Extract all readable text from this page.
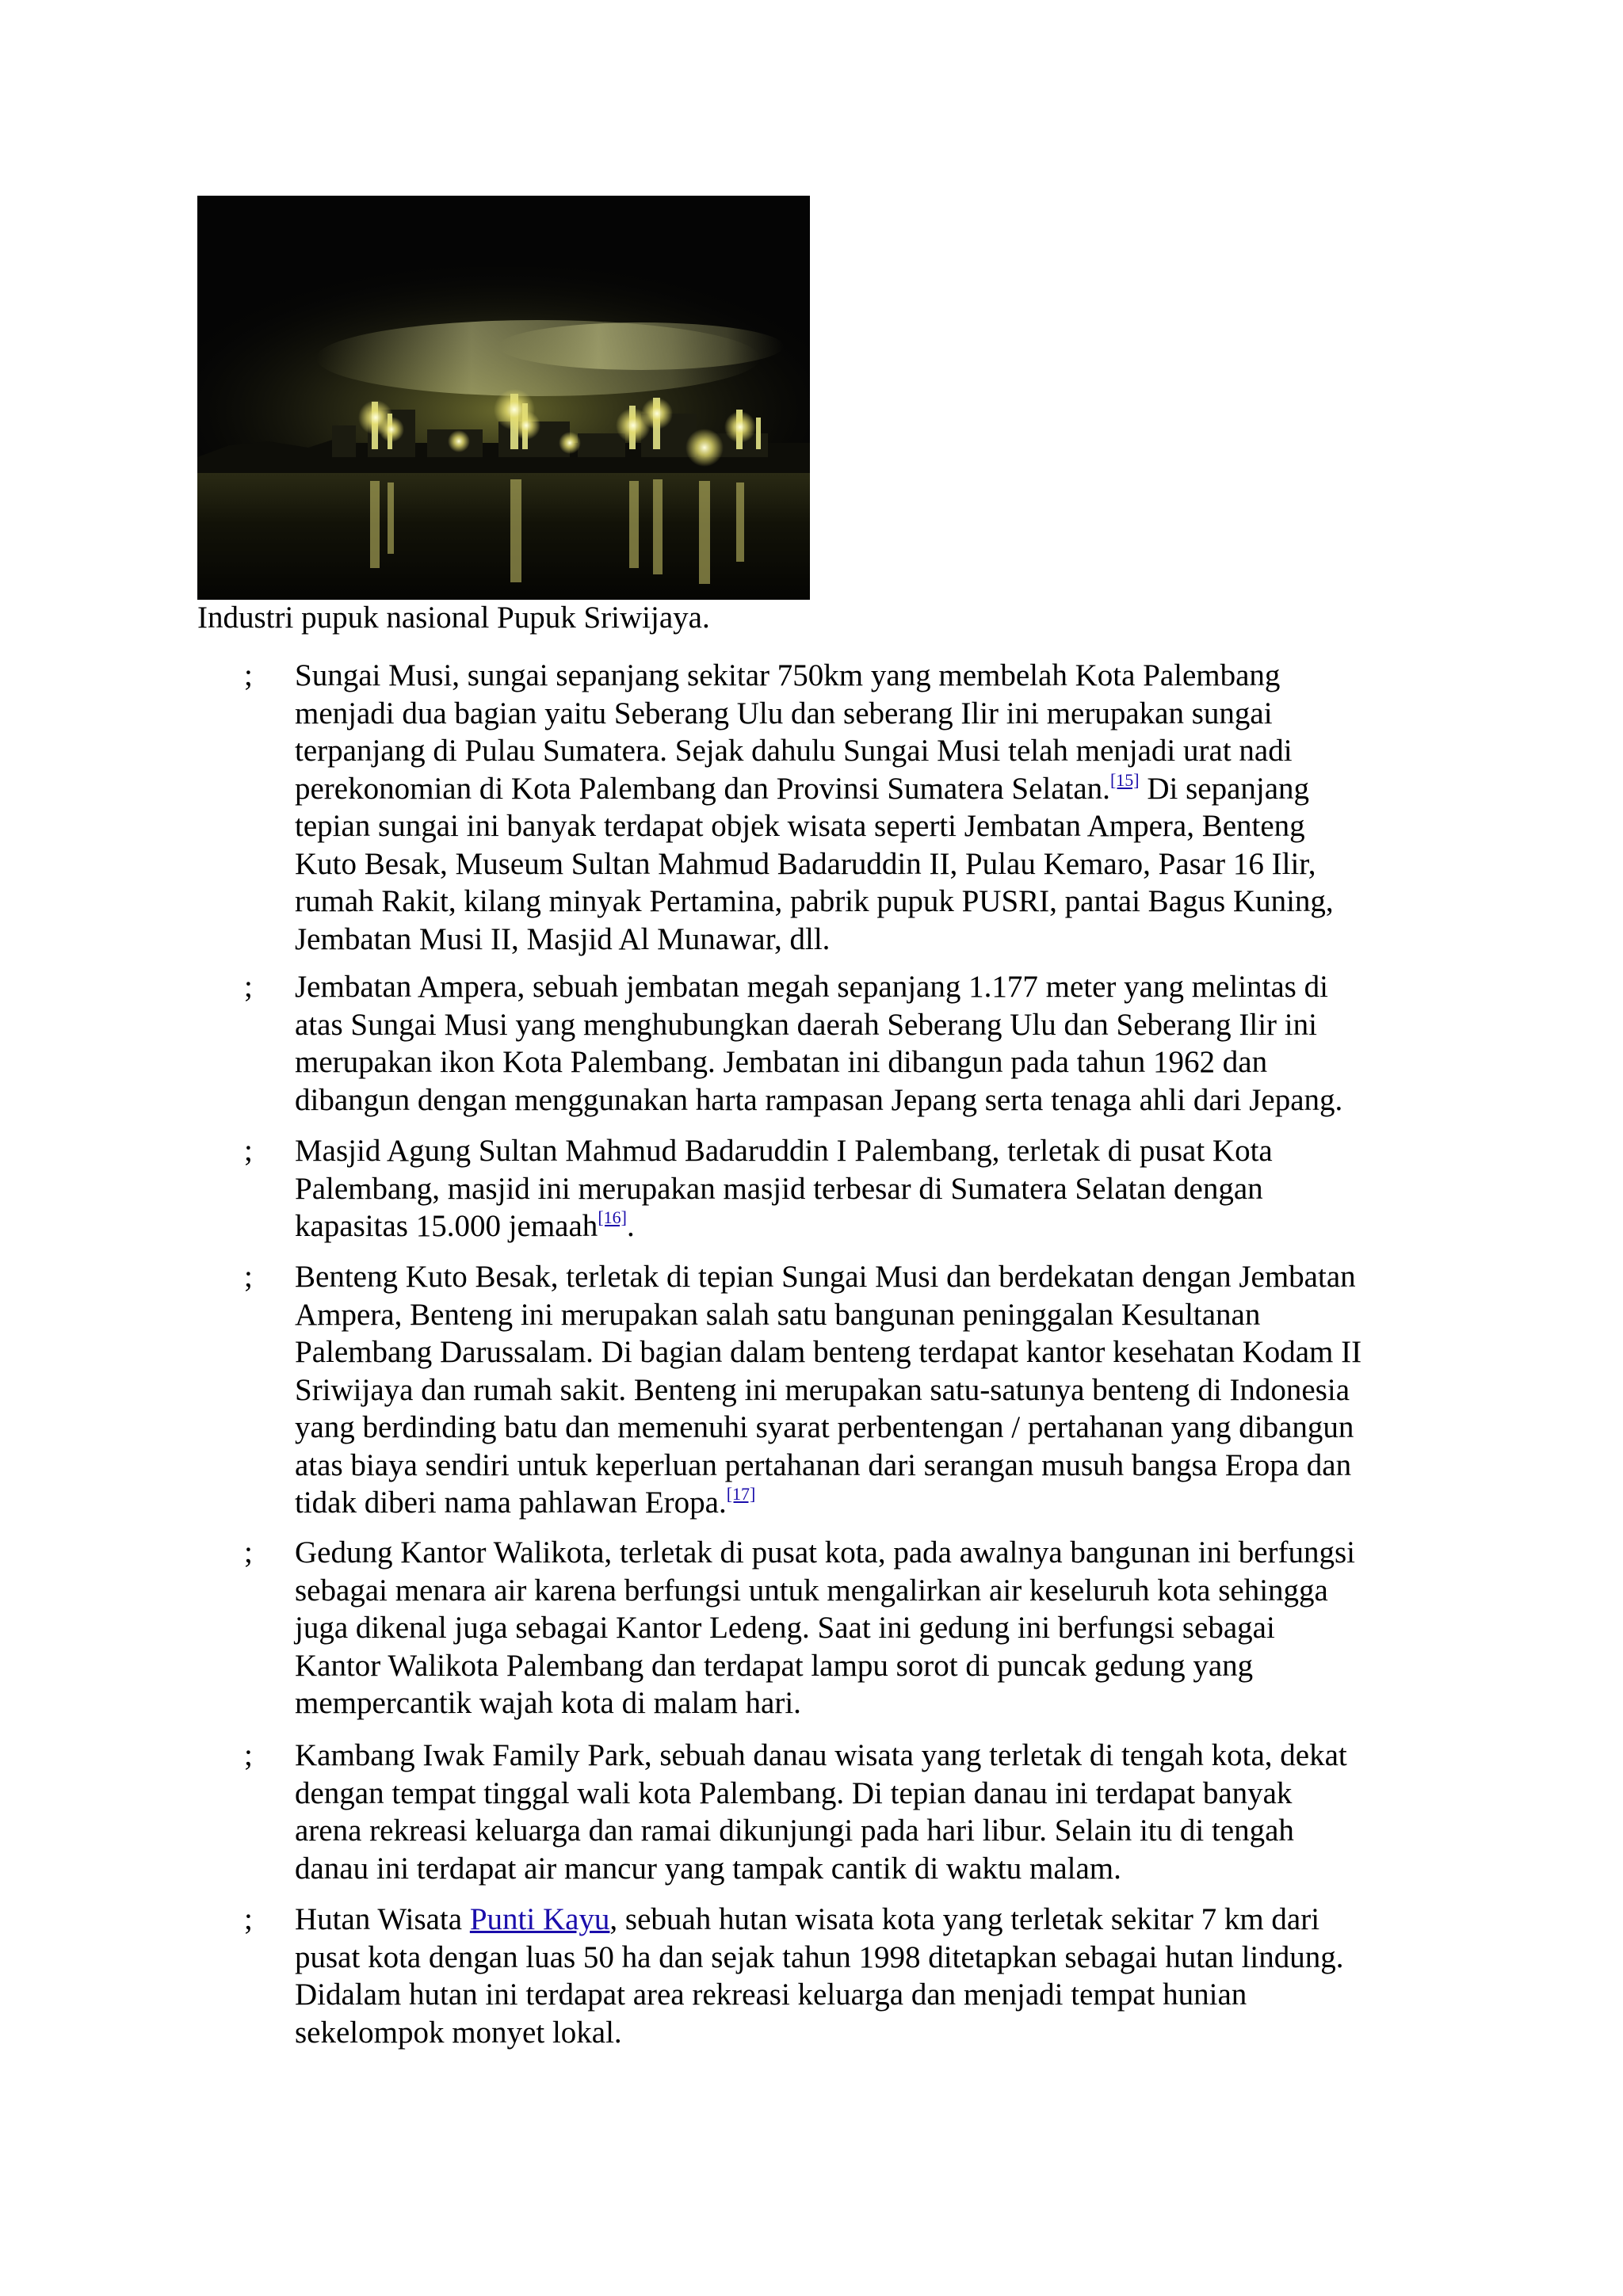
Industri pupuk nasional Pupuk Sriwijaya.

; Sungai Musi, sungai sepanjang sekitar 750km yang membelah Kota Palembang
menjadi dua bagian yaitu Seberang Ulu dan seberang Ilir ini merupakan sungai
terpanjang di Pulau Sumatera. Sejak dahulu Sungai Musi telah menjadi urat nadi
perekonomian di Kota Palembang dan Provinsi Sumatera Selatan.[15] Di sepanjang
tepian sungai ini banyak terdapat objek wisata seperti Jembatan Ampera, Benteng
Kuto Besak, Museum Sultan Mahmud Badaruddin II, Pulau Kemaro, Pasar 16 Ilir,
rumah Rakit, kilang minyak Pertamina, pabrik pupuk PUSRI, pantai Bagus Kuning,
Jembatan Musi II, Masjid Al Munawar, dll.

; Jembatan Ampera, sebuah jembatan megah sepanjang 1.177 meter yang melintas di
atas Sungai Musi yang menghubungkan daerah Seberang Ulu dan Seberang Ilir ini
merupakan ikon Kota Palembang. Jembatan ini dibangun pada tahun 1962 dan
dibangun dengan menggunakan harta rampasan Jepang serta tenaga ahli dari Jepang.

; Masjid Agung Sultan Mahmud Badaruddin I Palembang, terletak di pusat Kota
Palembang, masjid ini merupakan masjid terbesar di Sumatera Selatan dengan
kapasitas 15.000 jemaah[16].

; Benteng Kuto Besak, terletak di tepian Sungai Musi dan berdekatan dengan Jembatan
Ampera, Benteng ini merupakan salah satu bangunan peninggalan Kesultanan
Palembang Darussalam. Di bagian dalam benteng terdapat kantor kesehatan Kodam II
Sriwijaya dan rumah sakit. Benteng ini merupakan satu-satunya benteng di Indonesia
yang berdinding batu dan memenuhi syarat perbentengan / pertahanan yang dibangun
atas biaya sendiri untuk keperluan pertahanan dari serangan musuh bangsa Eropa dan
tidak diberi nama pahlawan Eropa.[17]

; Gedung Kantor Walikota, terletak di pusat kota, pada awalnya bangunan ini berfungsi
sebagai menara air karena berfungsi untuk mengalirkan air keseluruh kota sehingga
juga dikenal juga sebagai Kantor Ledeng. Saat ini gedung ini berfungsi sebagai
Kantor Walikota Palembang dan terdapat lampu sorot di puncak gedung yang
mempercantik wajah kota di malam hari.

; Kambang Iwak Family Park, sebuah danau wisata yang terletak di tengah kota, dekat
dengan tempat tinggal wali kota Palembang. Di tepian danau ini terdapat banyak
arena rekreasi keluarga dan ramai dikunjungi pada hari libur. Selain itu di tengah
danau ini terdapat air mancur yang tampak cantik di waktu malam.

; Hutan Wisata Punti Kayu, sebuah hutan wisata kota yang terletak sekitar 7 km dari
pusat kota dengan luas 50 ha dan sejak tahun 1998 ditetapkan sebagai hutan lindung.
Didalam hutan ini terdapat area rekreasi keluarga dan menjadi tempat hunian
sekelompok monyet lokal.
